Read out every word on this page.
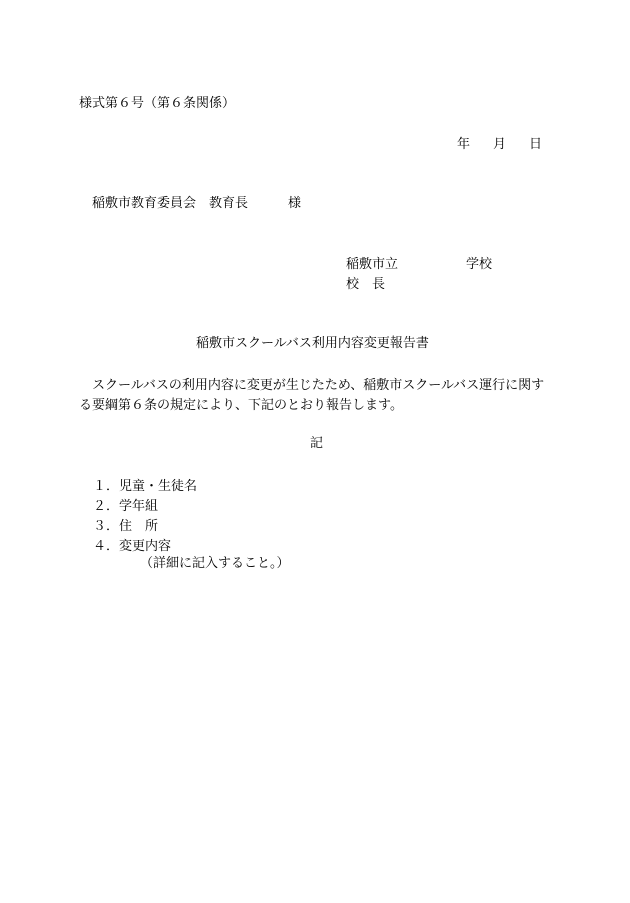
様式第６号（第６条関係）
年 月 日
稲敷市教育委員会 教育長	様
稲敷市立	学校
校 長
稲敷市スクールバス利用内容変更報告書
スクールバスの利用内容に変更が生じたため、稲敷市スクールバス運行に関する要綱第６条の規定により、下記のとおり報告します。
記
１．児童・生徒名
２．学年組
３．住　所
４．変更内容
（詳細に記入すること。）
